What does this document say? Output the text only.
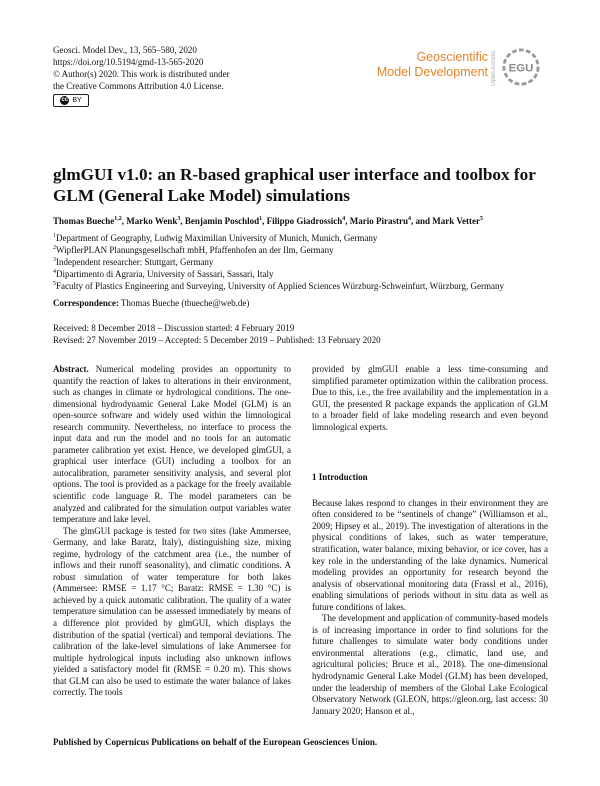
Geosci. Model Dev., 13, 565–580, 2020
https://doi.org/10.5194/gmd-13-565-2020
© Author(s) 2020. This work is distributed under
the Creative Commons Attribution 4.0 License.
cc BY
Geoscientific
Model Development Open Access EGU
glmGUI v1.0: an R-based graphical user interface and toolbox for GLM (General Lake Model) simulations
Thomas Bueche$^{1,2}$, Marko Wenk$^3$, Benjamin Poschlod$^1$, Filippo Giadrossich$^4$, Mario Pirastru$^4$, and Mark Vetter$^5$
$^1$Department of Geography, Ludwig Maximilian University of Munich, Munich, Germany
$^2$WipflerPLAN Planungsgesellschaft mbH, Pfaffenhofen an der Ilm, Germany
$^3$Independent researcher: Stuttgart, Germany
$^4$Dipartimento di Agraria, University of Sassari, Sassari, Italy
$^5$Faculty of Plastics Engineering and Surveying, University of Applied Sciences Würzburg-Schweinfurt, Würzburg, Germany
Correspondence: Thomas Bueche (tbueche@web.de)
Received: 8 December 2018 – Discussion started: 4 February 2019
Revised: 27 November 2019 – Accepted: 5 December 2019 – Published: 13 February 2020

Abstract. Numerical modeling provides an opportunity to quantify the reaction of lakes to alterations in their environment, such as changes in climate or hydrological conditions. The one-dimensional hydrodynamic General Lake Model (GLM) is an open-source software and widely used within the limnological research community. Nevertheless, no interface to process the input data and run the model and no tools for an automatic parameter calibration yet exist. Hence, we developed glmGUI, a graphical user interface (GUI) including a toolbox for an autocalibration, parameter sensitivity analysis, and several plot options. The tool is provided as a package for the freely available scientific code language R. The model parameters can be analyzed and calibrated for the simulation output variables water temperature and lake level.

The glmGUI package is tested for two sites (lake Ammersee, Germany, and lake Baratz, Italy), distinguishing size, mixing regime, hydrology of the catchment area (i.e., the number of inflows and their runoff seasonality), and climatic conditions. A robust simulation of water temperature for both lakes (Ammersee: RMSE = 1.17 °C; Baratz: RMSE = 1.30 °C) is achieved by a quick automatic calibration. The quality of a water temperature simulation can be assessed immediately by means of a difference plot provided by glmGUI, which displays the distribution of the spatial (vertical) and temporal deviations. The calibration of the lake-level simulations of lake Ammersee for multiple hydrological inputs including also unknown inflows yielded a satisfactory model fit (RMSE = 0.20 m). This shows that GLM can also be used to estimate the water balance of lakes correctly. The tools

provided by glmGUI enable a less time-consuming and simplified parameter optimization within the calibration process. Due to this, i.e., the free availability and the implementation in a GUI, the presented R package expands the application of GLM to a broader field of lake modeling research and even beyond limnological experts.

1 Introduction

Because lakes respond to changes in their environment they are often considered to be “sentinels of change” (Williamson et al., 2009; Hipsey et al., 2019). The investigation of alterations in the physical conditions of lakes, such as water temperature, stratification, water balance, mixing behavior, or ice cover, has a key role in the understanding of the lake dynamics. Numerical modeling provides an opportunity for research beyond the analysis of observational monitoring data (Frassl et al., 2016), enabling simulations of periods without in situ data as well as future conditions of lakes.

The development and application of community-based models is of increasing importance in order to find solutions for the future challenges to simulate water body conditions under environmental alterations (e.g., climatic, land use, and agricultural policies; Bruce et al., 2018). The one-dimensional hydrodynamic General Lake Model (GLM) has been developed, under the leadership of members of the Global Lake Ecological Observatory Network (GLEON, https://gleon.org, last access: 30 January 2020; Hanson et al.,

Published by Copernicus Publications on behalf of the European Geosciences Union.
